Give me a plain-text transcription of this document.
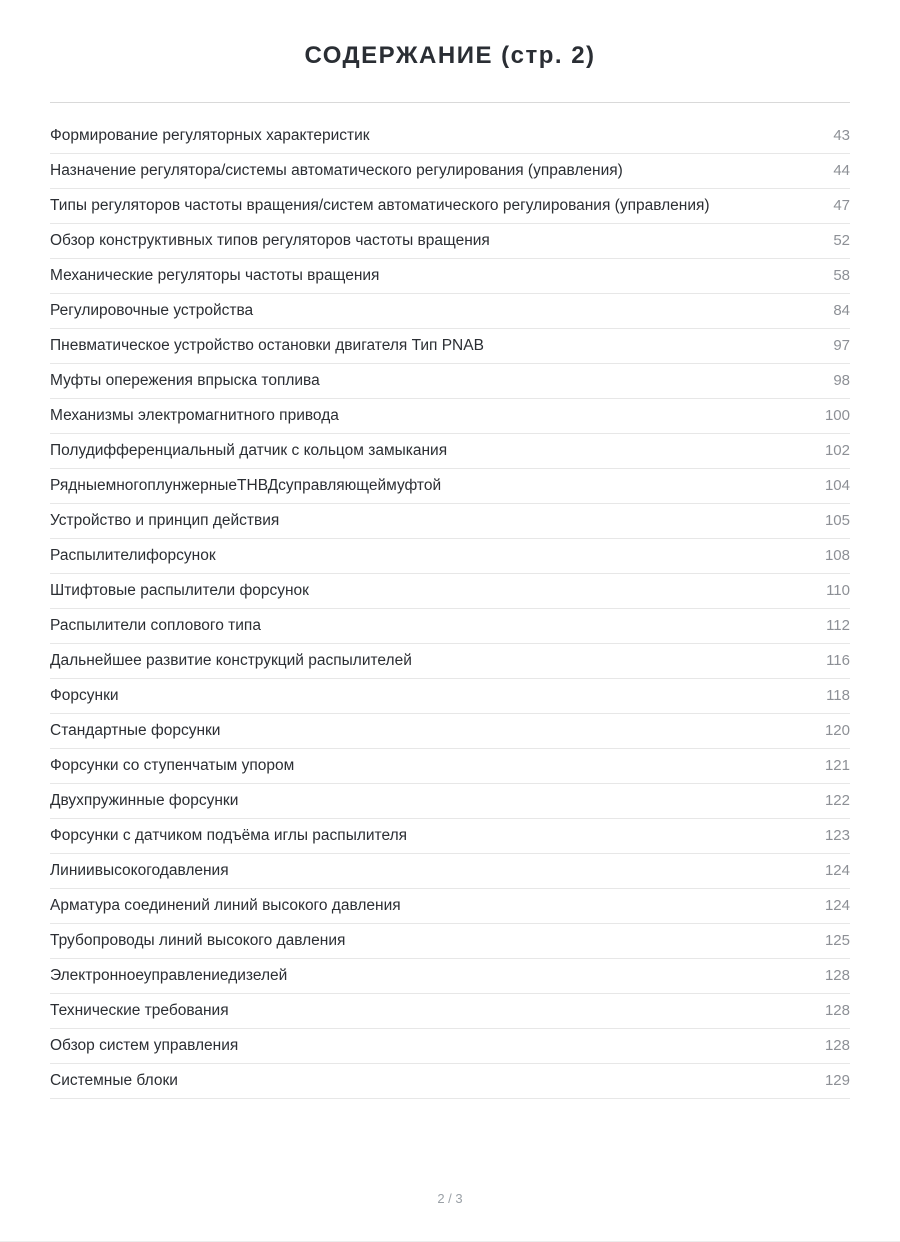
СОДЕРЖАНИЕ (стр. 2)
Формирование регуляторных характеристик	43
Назначение регулятора/системы автоматического регулирования (управления)	44
Типы регуляторов частоты вращения/систем автоматического регулирования (управления)	47
Обзор конструктивных типов регуляторов частоты вращения	52
Механические регуляторы частоты вращения	58
Регулировочные устройства	84
Пневматическое устройство остановки двигателя Тип PNAB	97
Муфты опережения впрыска топлива	98
Механизмы электромагнитного привода	100
Полудифференциальный датчик с кольцом замыкания	102
РядныемногоплунжерныеТНВДсуправляющеймуфтой	104
Устройство и принцип действия	105
Распылителифорсунок	108
Штифтовые распылители форсунок	110
Распылители соплового типа	112
Дальнейшее развитие конструкций распылителей	116
Форсунки	118
Стандартные форсунки	120
Форсунки со ступенчатым упором	121
Двухпружинные форсунки	122
Форсунки с датчиком подъёма иглы распылителя	123
Линиивысокогодавления	124
Арматура соединений линий высокого давления	124
Трубопроводы линий высокого давления	125
Электронноеуправлениедизелей	128
Технические требования	128
Обзор систем управления	128
Системные блоки	129
2 / 3
